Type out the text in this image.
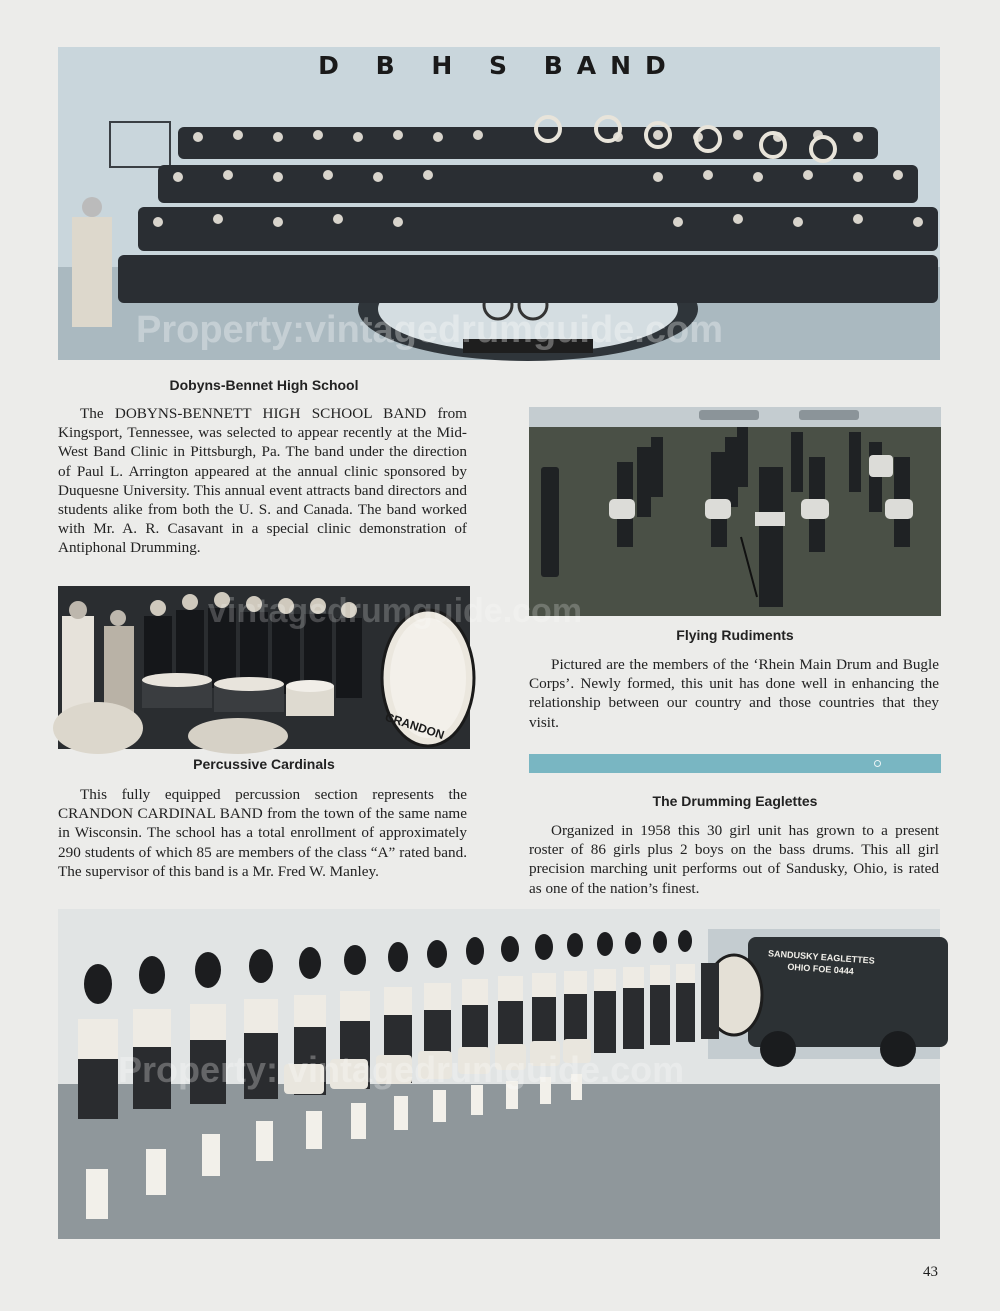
D B H S BAND
Property:vintagedrumguide.com
Dobyns-Bennet High School

The DOBYNS-BENNETT HIGH SCHOOL BAND from Kingsport, Tennessee, was selected to appear recently at the Mid-West Band Clinic in Pittsburgh, Pa. The band under the direction of Paul L. Arrington appeared at the annual clinic sponsored by Duquesne University. This annual event attracts band directors and students alike from both the U. S. and Canada. The band worked with Mr. A. R. Casavant in a special clinic demonstration of Antiphonal Drumming.

Flying Rudiments

Pictured are the members of the ‘Rhein Main Drum and Bugle Corps’. Newly formed, this unit has done well in enhancing the relationship between our country and those countries that they visit.

CRANDON
vintagedrumguide.com
Percussive Cardinals

This fully equipped percussion section represents the CRANDON CARDINAL BAND from the town of the same name in Wisconsin. The school has a total enrollment of approximately 290 students of which 85 are members of the class “A” rated band. The supervisor of this band is a Mr. Fred W. Manley.

The Drumming Eaglettes

Organized in 1958 this 30 girl unit has grown to a present roster of 86 girls plus 2 boys on the bass drums. This all girl precision marching unit performs out of Sandusky, Ohio, is rated as one of the nation’s finest.

SANDUSKY EAGLETTES
OHIO FOE 0444
Property: vintagedrumguide.com
43
